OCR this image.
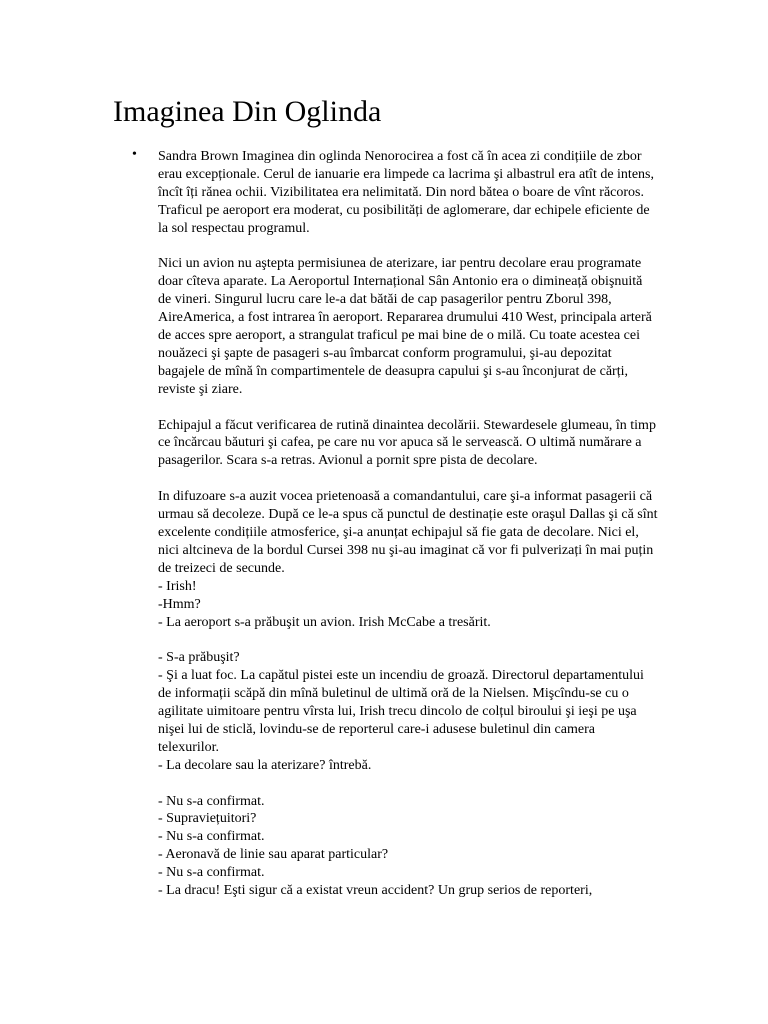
Imaginea Din Oglinda
• Sandra Brown Imaginea din oglinda Nenorocirea a fost că în acea zi condițiile de zbor erau excepționale. Cerul de ianuarie era limpede ca lacrima şi albastrul era atît de intens, încît îți rănea ochii. Vizibilitatea era nelimitată. Din nord bătea o boare de vînt răcoros. Traficul pe aeroport era moderat, cu posibilități de aglomerare, dar echipele eficiente de la sol respectau programul.

Nici un avion nu aştepta permisiunea de aterizare, iar pentru decolare erau programate doar cîteva aparate. La Aeroportul Internațional Sân Antonio era o dimineață obişnuită de vineri. Singurul lucru care le-a dat bătăi de cap pasagerilor pentru Zborul 398, AireAmerica, a fost intrarea în aeroport. Repararea drumului 410 West, principala arteră de acces spre aeroport, a strangulat traficul pe mai bine de o milă. Cu toate acestea cei nouăzeci şi şapte de pasageri s-au îmbarcat conform programului, şi-au depozitat bagajele de mînă în compartimentele de deasupra capului şi s-au înconjurat de cărți, reviste şi ziare.

Echipajul a făcut verificarea de rutină dinaintea decolării. Stewardesele glumeau, în timp ce încărcau băuturi şi cafea, pe care nu vor apuca să le servească. O ultimă numărare a pasagerilor. Scara s-a retras. Avionul a pornit spre pista de decolare.

In difuzoare s-a auzit vocea prietenoasă a comandantului, care şi-a informat pasagerii că urmau să decoleze. După ce le-a spus că punctul de destinație este oraşul Dallas şi că sînt excelente condițiile atmosferice, şi-a anunțat echipajul să fie gata de decolare. Nici el, nici altcineva de la bordul Cursei 398 nu şi-au imaginat că vor fi pulverizați în mai puțin de treizeci de secunde.
- Irish!
-Hmm?
- La aeroport s-a prăbuşit un avion. Irish McCabe a tresărit.

- S-a prăbuşit?
- Şi a luat foc. La capătul pistei este un incendiu de groază. Directorul departamentului de informații scăpă din mînă buletinul de ultimă oră de la Nielsen. Mişcîndu-se cu o agilitate uimitoare pentru vîrsta lui, Irish trecu dincolo de colțul biroului şi ieşi pe uşa nişei lui de sticlă, lovindu-se de reporterul care-i adusese buletinul din camera telexurilor.
- La decolare sau la aterizare? întrebă.

- Nu s-a confirmat.
- Supraviețuitori?
- Nu s-a confirmat.
- Aeronavă de linie sau aparat particular?
- Nu s-a confirmat.
- La dracu! Eşti sigur că a existat vreun accident? Un grup serios de reporteri,
